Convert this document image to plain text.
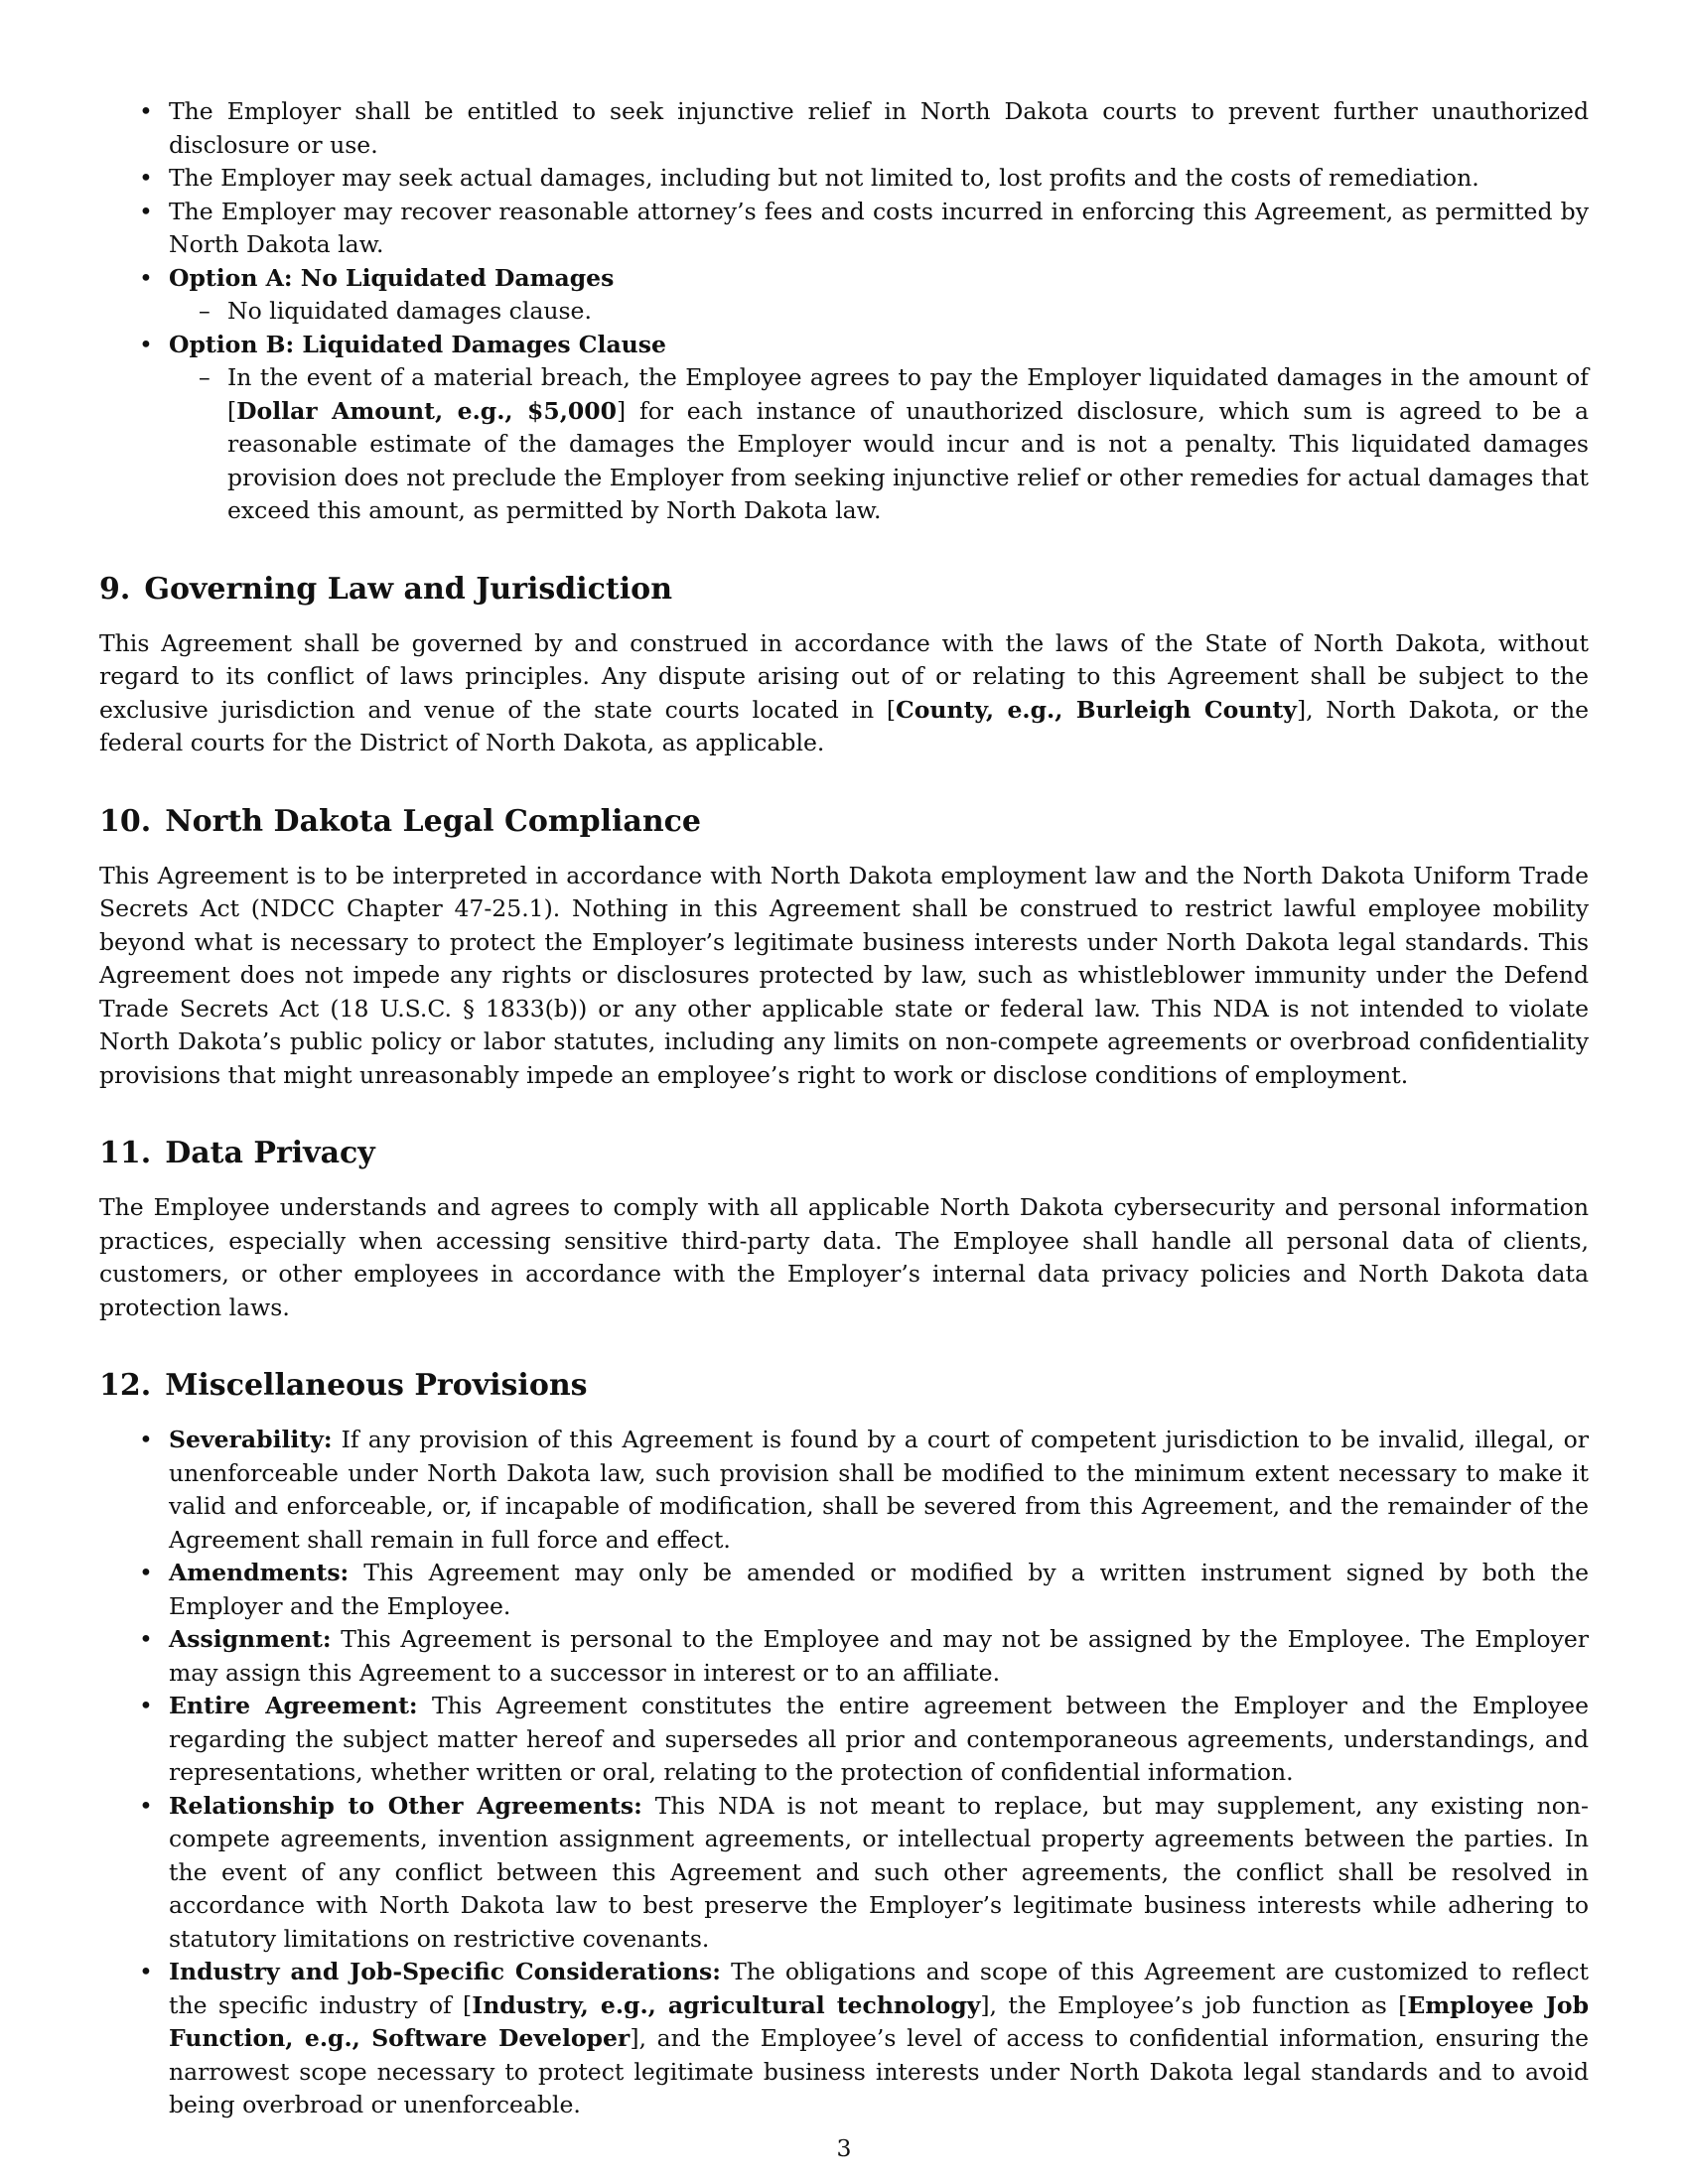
• The Employer shall be entitled to seek injunctive relief in North Dakota courts to prevent further unauthorized disclosure or use.
• The Employer may seek actual damages, including but not limited to, lost profits and the costs of remediation.
• The Employer may recover reasonable attorney’s fees and costs incurred in enforcing this Agreement, as permitted by North Dakota law.
• Option A: No Liquidated Damages
– No liquidated damages clause.
• Option B: Liquidated Damages Clause
– In the event of a material breach, the Employee agrees to pay the Employer liquidated damages in the amount of [Dollar Amount, e.g., $5,000] for each instance of unauthorized disclosure, which sum is agreed to be a reasonable estimate of the damages the Employer would incur and is not a penalty. This liquidated damages provision does not preclude the Employer from seeking injunctive relief or other remedies for actual damages that exceed this amount, as permitted by North Dakota law.
9. Governing Law and Jurisdiction

This Agreement shall be governed by and construed in accordance with the laws of the State of North Dakota, without regard to its conflict of laws principles. Any dispute arising out of or relating to this Agreement shall be subject to the exclusive jurisdiction and venue of the state courts located in [County, e.g., Burleigh County], North Dakota, or the federal courts for the District of North Dakota, as applicable.

10. North Dakota Legal Compliance

This Agreement is to be interpreted in accordance with North Dakota employment law and the North Dakota Uniform Trade Secrets Act (NDCC Chapter 47-25.1). Nothing in this Agreement shall be construed to restrict lawful employee mobility beyond what is necessary to protect the Employer’s legitimate business interests under North Dakota legal standards. This Agreement does not impede any rights or disclosures protected by law, such as whistleblower immunity under the Defend Trade Secrets Act (18 U.S.C. § 1833(b)) or any other applicable state or federal law. This NDA is not intended to violate North Dakota’s public policy or labor statutes, including any limits on non-compete agreements or overbroad confidentiality provisions that might unreasonably impede an employee’s right to work or disclose conditions of employment.

11. Data Privacy

The Employee understands and agrees to comply with all applicable North Dakota cybersecurity and personal information practices, especially when accessing sensitive third-party data. The Employee shall handle all personal data of clients, customers, or other employees in accordance with the Employer’s internal data privacy policies and North Dakota data protection laws.

12. Miscellaneous Provisions
• Severability: If any provision of this Agreement is found by a court of competent jurisdiction to be invalid, illegal, or unenforceable under North Dakota law, such provision shall be modified to the minimum extent necessary to make it valid and enforceable, or, if incapable of modification, shall be severed from this Agreement, and the remainder of the Agreement shall remain in full force and effect.
• Amendments: This Agreement may only be amended or modified by a written instrument signed by both the Employer and the Employee.
• Assignment: This Agreement is personal to the Employee and may not be assigned by the Employee. The Employer may assign this Agreement to a successor in interest or to an affiliate.
• Entire Agreement: This Agreement constitutes the entire agreement between the Employer and the Employee regarding the subject matter hereof and supersedes all prior and contemporaneous agreements, understandings, and representations, whether written or oral, relating to the protection of confidential information.
• Relationship to Other Agreements: This NDA is not meant to replace, but may supplement, any existing non-compete agreements, invention assignment agreements, or intellectual property agreements between the parties. In the event of any conflict between this Agreement and such other agreements, the conflict shall be resolved in accordance with North Dakota law to best preserve the Employer’s legitimate business interests while adhering to statutory limitations on restrictive covenants.
• Industry and Job-Specific Considerations: The obligations and scope of this Agreement are customized to reflect the specific industry of [Industry, e.g., agricultural technology], the Employee’s job function as [Employee Job Function, e.g., Software Developer], and the Employee’s level of access to confidential information, ensuring the narrowest scope necessary to protect legitimate business interests under North Dakota legal standards and to avoid being overbroad or unenforceable.
3
